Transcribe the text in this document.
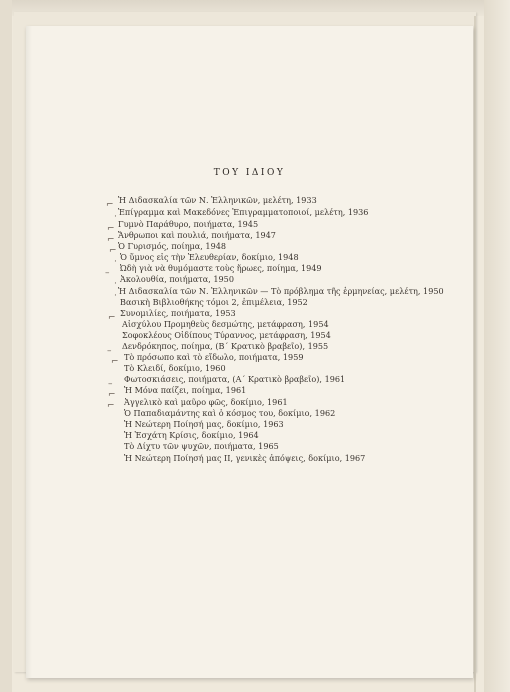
ΤΟΥ ΙΔΙΟΥ
⌐
·
⌐
⌐
⌐
·
–
·
·
⌐
–
⌐
–
⌐
⌐
Ἡ Διδασκαλία τῶν Ν. Ἑλληνικῶν, μελέτη, 1933
Ἐπίγραμμα καὶ Μακεδόνες Ἐπιγραμματοποιοί, μελέτη, 1936
Γυμνὸ Παράθυρο, ποιήματα, 1945
Ἄνθρωποι καὶ πουλιά, ποιήματα, 1947
Ὁ Γυρισμός, ποίημα, 1948
Ὁ ὕμνος εἰς τὴν Ἐλευθερίαν, δοκίμιο, 1948
Ὠδὴ γιὰ νὰ θυμόμαστε τοὺς ἥρωες, ποίημα, 1949
Ἀκολουθία, ποιήματα, 1950
Ἡ Διδασκαλία τῶν Ν. Ἑλληνικῶν — Τὸ πρόβλημα τῆς ἑρμηνείας, μελέτη, 1950
Βασικὴ Βιβλιοθήκης τόμοι 2, ἐπιμέλεια, 1952
Συνομιλίες, ποιήματα, 1953
Αἰσχύλου Προμηθεὺς δεσμώτης, μετάφραση, 1954
Σοφοκλέους Οἰδίπους Τύραννος, μετάφραση, 1954
Δενδρόκηπος, ποίημα, (Β΄ Κρατικὸ βραβεῖο), 1955
Τὸ πρόσωπο καὶ τὸ εἴδωλο, ποιήματα, 1959
Τὸ Κλειδί, δοκίμιο, 1960
Φωτοσκιάσεις, ποιήματα, (Α΄ Κρατικὸ βραβεῖο), 1961
Ἡ Μόνα παίζει, ποίημα, 1961
Ἀγγελικὸ καὶ μαῦρο φῶς, δοκίμιο, 1961
Ὁ Παπαδιαμάντης καὶ ὁ κόσμος του, δοκίμιο, 1962
Ἡ Νεώτερη Ποίησή μας, δοκίμιο, 1963
Ἡ Ἐσχάτη Κρίσις, δοκίμιο, 1964
Τὸ Δίχτυ τῶν ψυχῶν, ποιήματα, 1965
Ἡ Νεώτερη Ποίησή μας ΙΙ, γενικὲς ἀπόψεις, δοκίμιο, 1967
